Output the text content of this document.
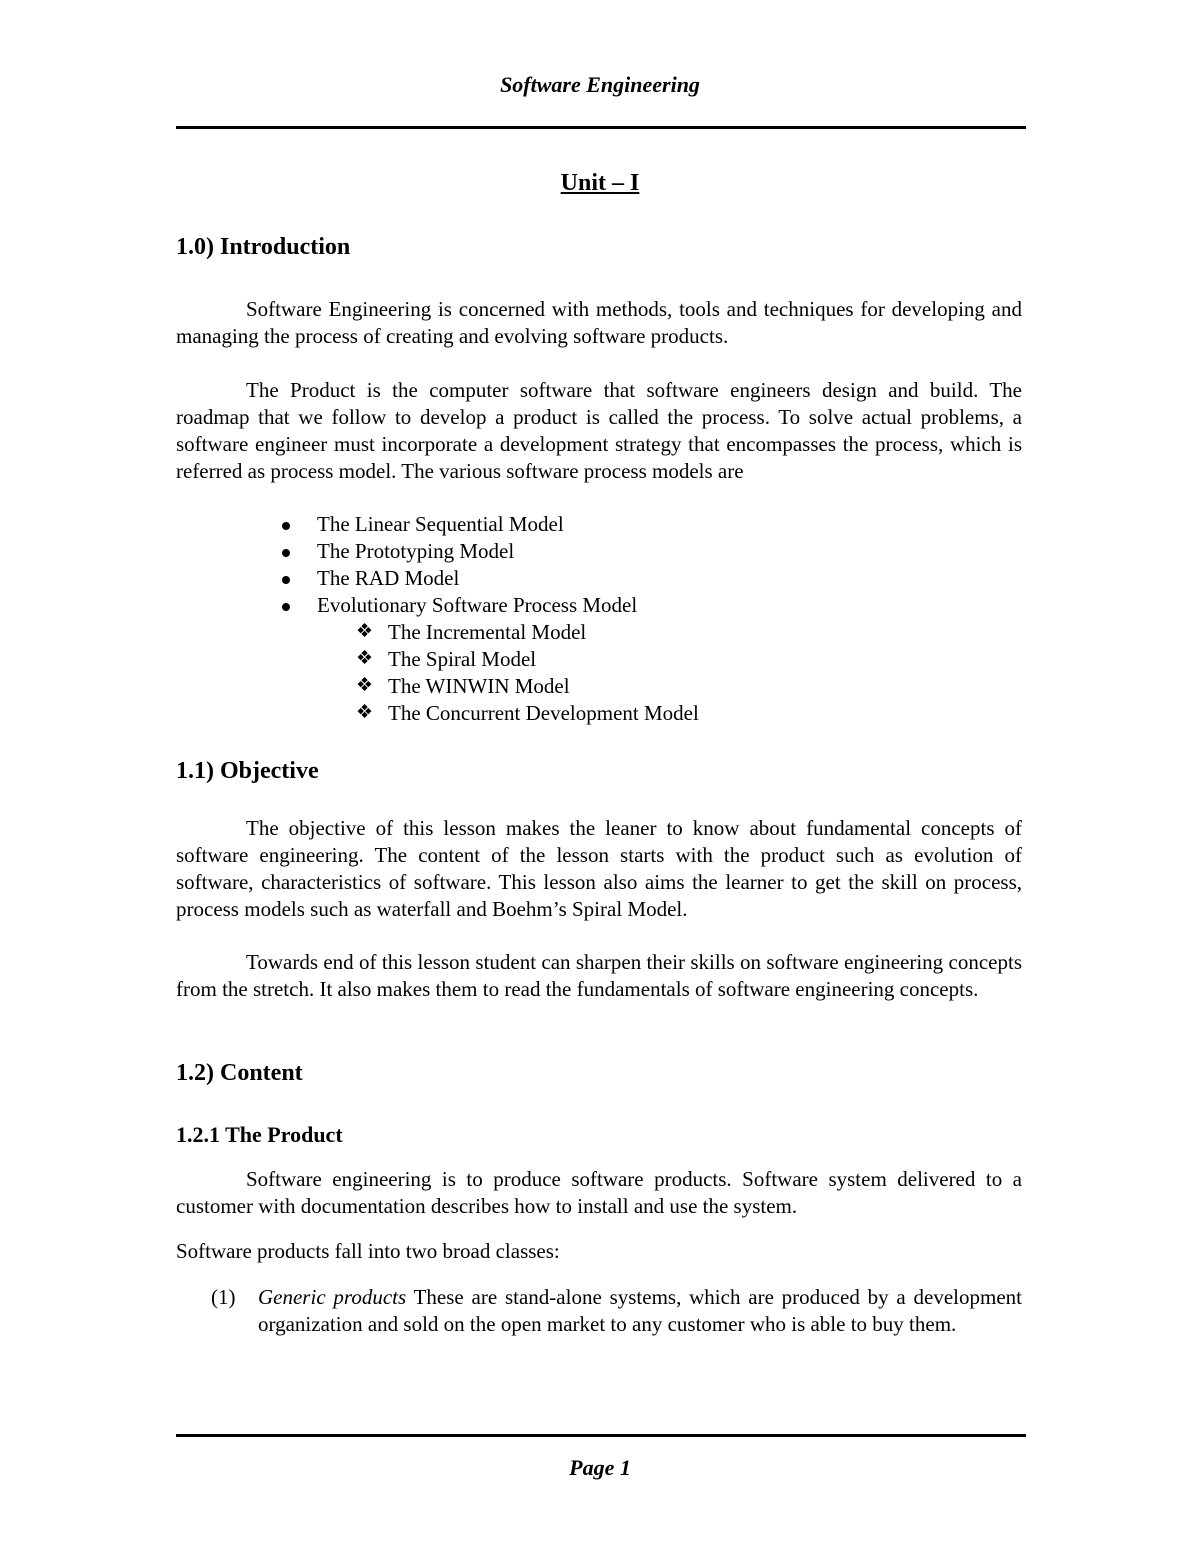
Software Engineering
Unit – I
1.0) Introduction
Software Engineering is concerned with methods, tools and techniques for developing and managing the process of creating and evolving software products.
The Product is the computer software that software engineers design and build. The roadmap that we follow to develop a product is called the process. To solve actual problems, a software engineer must incorporate a development strategy that encompasses the process, which is referred as process model. The various software process models are
The Linear Sequential Model
The Prototyping Model
The RAD Model
Evolutionary Software Process Model
❖ The Incremental Model
❖ The Spiral Model
❖ The WINWIN Model
❖ The Concurrent Development Model
1.1) Objective
The objective of this lesson makes the leaner to know about fundamental concepts of software engineering. The content of the lesson starts with the product such as evolution of software, characteristics of software. This lesson also aims the learner to get the skill on process, process models such as waterfall and Boehm’s Spiral Model.
Towards end of this lesson student can sharpen their skills on software engineering concepts from the stretch. It also makes them to read the fundamentals of software engineering concepts.
1.2) Content
1.2.1 The Product
Software engineering is to produce software products. Software system delivered to a customer with documentation describes how to install and use the system.
Software products fall into two broad classes:
(1) Generic products These are stand-alone systems, which are produced by a development organization and sold on the open market to any customer who is able to buy them.
Page 1
